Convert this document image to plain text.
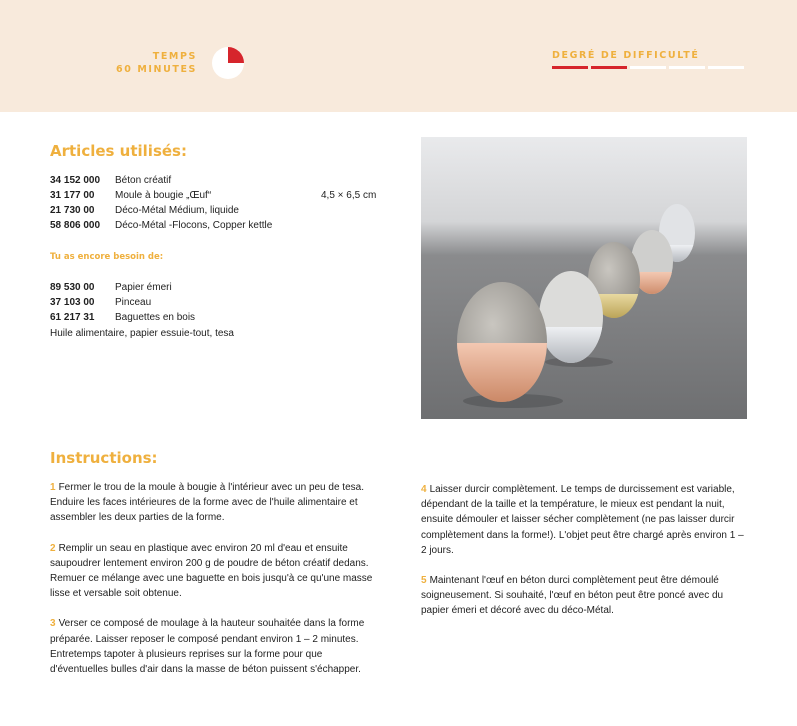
TEMPS
60 MINUTES
DEGRÉ DE DIFFICULTÉ
Articles utilisés:
34 152 000 Béton créatif
31 177 00 Moule à bougie „Œuf“	4,5 × 6,5 cm
21 730 00 Déco-Métal Médium, liquide
58 806 000 Déco-Métal -Flocons, Copper kettle
Tu as encore besoin de:
89 530 00 Papier émeri
37 103 00 Pinceau
61 217 31 Baguettes en bois
Huile alimentaire, papier essuie-tout, tesa
Instructions:

1 Fermer le trou de la moule à bougie à l'intérieur avec un peu de tesa. Enduire les faces intérieures de la forme avec de l'huile alimentaire et assembler les deux parties de la forme.

2 Remplir un seau en plastique avec environ 20 ml d'eau et ensuite saupoudrer lentement environ 200 g de poudre de béton créatif dedans. Remuer ce mélange avec une baguette en bois jusqu'à ce qu'une masse lisse et versable soit obtenue.

3 Verser ce composé de moulage à la hauteur souhaitée dans la forme préparée. Laisser reposer le composé pendant environ 1 – 2 minutes. Entretemps tapoter à plusieurs reprises sur la forme pour que d'éventuelles bulles d'air dans la masse de béton puissent s'échapper.

4 Laisser durcir complètement. Le temps de durcissement est variable, dépendant de la taille et la température, le mieux est pendant la nuit, ensuite démouler et laisser sécher complètement (ne pas laisser durcir complètement dans la forme!). L'objet peut être chargé après environ 1 – 2 jours.

5 Maintenant l'œuf en béton durci complètement peut être démoulé soigneusement. Si souhaité, l'œuf en béton peut être poncé avec du papier émeri et décoré avec du déco-Métal.
